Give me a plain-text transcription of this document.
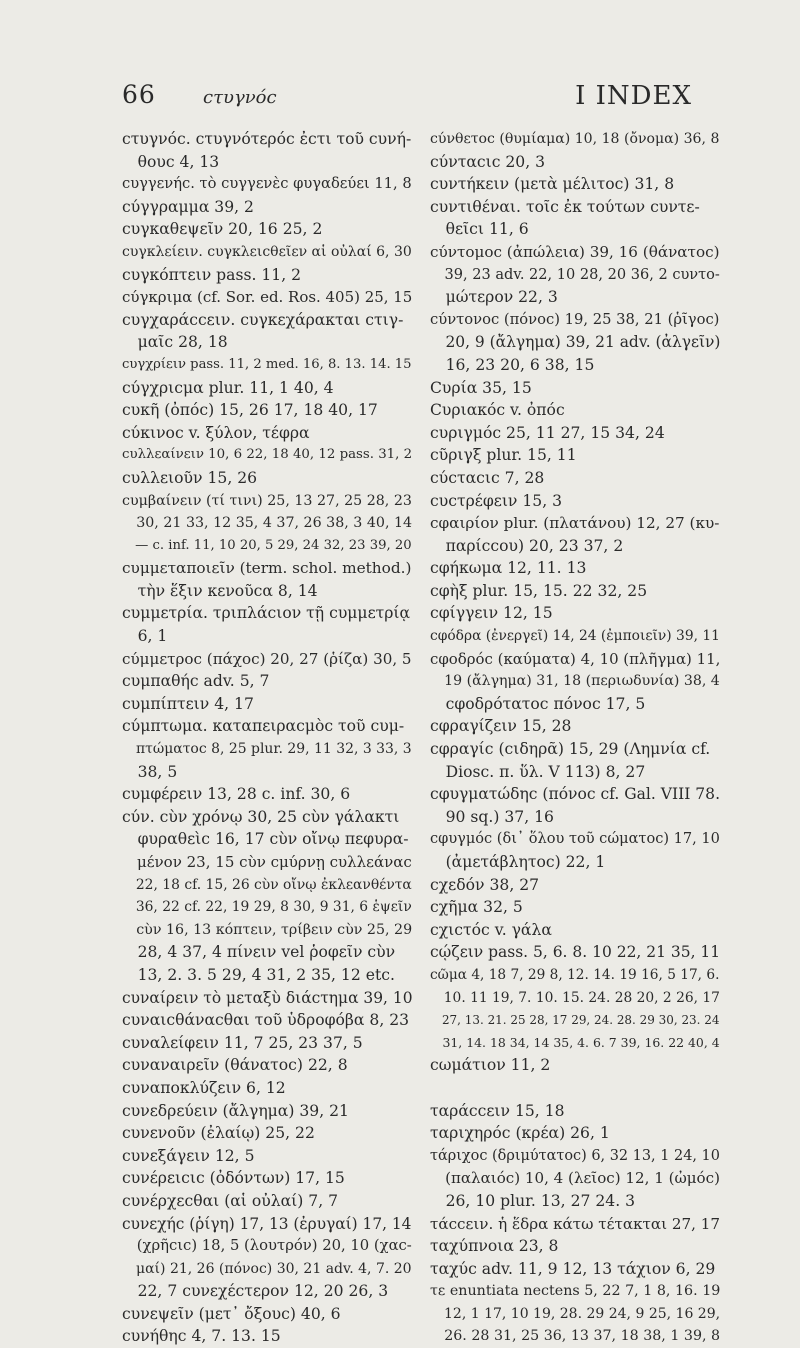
66	ϲτυγνόϲ	I INDEX
ϲτυγνόϲ. ϲτυγνότερόϲ ἐϲτι τοῦ ϲυνή-
 θουϲ 4, 13
ϲυγγενήϲ. τὸ ϲυγγενὲϲ φυγαδεύει 11, 8
ϲύγγραμμα 39, 2
ϲυγκαθεψεῖν 20, 16 25, 2
ϲυγκλείειν. ϲυγκλειϲθεῖεν αἱ οὐλαί 6, 30
ϲυγκόπτειν pass. 11, 2
ϲύγκριμα (cf. Sor. ed. Ros. 405) 25, 15
ϲυγχαράϲϲειν. ϲυγκεχάρακται ϲτιγ-
 μαῖϲ 28, 18
ϲυγχρίειν pass. 11, 2 med. 16, 8. 13. 14. 15
ϲύγχριϲμα plur. 11, 1 40, 4
ϲυκῆ (ὀπόϲ) 15, 26 17, 18 40, 17
ϲύκινοϲ v. ξύλον, τέφρα
ϲυλλεαίνειν 10, 6 22, 18 40, 12 pass. 31, 2
ϲυλλειοῦν 15, 26
ϲυμβαίνειν (τί τινι) 25, 13 27, 25 28, 23
 30, 21 33, 12 35, 4 37, 26 38, 3 40, 14
 — c. inf. 11, 10 20, 5 29, 24 32, 23 39, 20
ϲυμμεταποιεῖν (term. schol. method.)
 τὴν ἕξιν κενοῦϲα 8, 14
ϲυμμετρία. τριπλάϲιον τῇ ϲυμμετρίᾳ
 6, 1
ϲύμμετροϲ (πάχοϲ) 20, 27 (ῥίζα) 30, 5
ϲυμπαθήϲ adv. 5, 7
ϲυμπίπτειν 4, 17
ϲύμπτωμα. καταπειραϲμὸϲ τοῦ ϲυμ-
 πτώματοϲ 8, 25 plur. 29, 11 32, 3 33, 3
 38, 5
ϲυμφέρειν 13, 28 c. inf. 30, 6
ϲύν. ϲὺν χρόνῳ 30, 25 ϲὺν γάλακτι
 φυραθεὶϲ 16, 17 ϲὺν οἴνῳ πεφυρα-
 μένον 23, 15 ϲὺν ϲμύρνῃ ϲυλλεάναϲ
 22, 18 cf. 15, 26 ϲὺν οἴνῳ ἐκλεανθέντα
 36, 22 cf. 22, 19 29, 8 30, 9 31, 6 ἑψεῖν
 ϲὺν 16, 13 κόπτειν, τρίβειν ϲὺν 25, 29
 28, 4 37, 4 πίνειν vel ῥοφεῖν ϲὺν
 13, 2. 3. 5 29, 4 31, 2 35, 12 etc.
ϲυναίρειν τὸ μεταξὺ διάϲτημα 39, 10
ϲυναιϲθάναϲθαι τοῦ ὑδροφόβα 8, 23
ϲυναλείφειν 11, 7 25, 23 37, 5
ϲυναναιρεῖν (θάνατοϲ) 22, 8
ϲυναποκλύζειν 6, 12
ϲυνεδρεύειν (ἄλγημα) 39, 21
ϲυνενοῦν (ἐλαίῳ) 25, 22
ϲυνεξάγειν 12, 5
ϲυνέρειϲιϲ (ὀδόντων) 17, 15
ϲυνέρχεϲθαι (αἱ οὐλαί) 7, 7
ϲυνεχήϲ (ῥίγη) 17, 13 (ἐρυγαί) 17, 14
 (χρῆϲιϲ) 18, 5 (λουτρόν) 20, 10 (χαϲ-
 μαί) 21, 26 (πόνοϲ) 30, 21 adv. 4, 7. 20
 22, 7 ϲυνεχέϲτερον 12, 20 26, 3
ϲυνεψεῖν (μετ᾽ ὄξουϲ) 40, 6
ϲυνήθηϲ 4, 7. 13. 15
ϲύνθετοϲ (θυμίαμα) 10, 18 (ὄνομα) 36, 8
ϲύνταϲιϲ 20, 3
ϲυντήκειν (μετὰ μέλιτοϲ) 31, 8
ϲυντιθέναι. τοῖϲ ἐκ τούτων ϲυντε-
 θεῖϲι 11, 6
ϲύντομοϲ (ἀπώλεια) 39, 16 (θάνατοϲ)
 39, 23 adv. 22, 10 28, 20 36, 2 ϲυντο-
 μώτερον 22, 3
ϲύντονοϲ (πόνοϲ) 19, 25 38, 21 (ῥῖγοϲ)
 20, 9 (ἄλγημα) 39, 21 adv. (ἀλγεῖν)
 16, 23 20, 6 38, 15
Cυρία 35, 15
Cυριακόϲ v. ὀπόϲ
ϲυριγμόϲ 25, 11 27, 15 34, 24
ϲῦριγξ plur. 15, 11
ϲύϲταϲιϲ 7, 28
ϲυϲτρέφειν 15, 3
ϲφαιρίον plur. (πλατάνου) 12, 27 (κυ-
 παρίϲϲου) 20, 23 37, 2
ϲφήκωμα 12, 11. 13
ϲφὴξ plur. 15, 15. 22 32, 25
ϲφίγγειν 12, 15
ϲφόδρα (ἐνεργεῖ) 14, 24 (ἐμποιεῖν) 39, 11
ϲφοδρόϲ (καύματα) 4, 10 (πλῆγμα) 11,
 19 (ἄλγημα) 31, 18 (περιωδυνία) 38, 4
 ϲφοδρότατοϲ πόνοϲ 17, 5
ϲφραγίζειν 15, 28
ϲφραγίϲ (ϲιδηρᾶ) 15, 29 (Λημνία cf.
 Diosc. π. ὕλ. V 113) 8, 27
ϲφυγματώδηϲ (πόνοϲ cf. Gal. VIII 78.
 90 sq.) 37, 16
ϲφυγμόϲ (δι᾽ ὅλου τοῦ ϲώματοϲ) 17, 10
 (ἀμετάβλητοϲ) 22, 1
ϲχεδόν 38, 27
ϲχῆμα 32, 5
ϲχιϲτόϲ v. γάλα
ϲῴζειν pass. 5, 6. 8. 10 22, 21 35, 11
ϲῶμα 4, 18 7, 29 8, 12. 14. 19 16, 5 17, 6.
 10. 11 19, 7. 10. 15. 24. 28 20, 2 26, 17
 27, 13. 21. 25 28, 17 29, 24. 28. 29 30, 23. 24
 31, 14. 18 34, 14 35, 4. 6. 7 39, 16. 22 40, 4
ϲωμάτιον 11, 2
ταράϲϲειν 15, 18
ταριχηρόϲ (κρέα) 26, 1
τάριχοϲ (δριμύτατοϲ) 6, 32 13, 1 24, 10
 (παλαιόϲ) 10, 4 (λεῖοϲ) 12, 1 (ὠμόϲ)
 26, 10 plur. 13, 27 24. 3
τάϲϲειν. ἡ ἕδρα κάτω τέτακται 27, 17
ταχύπνοια 23, 8
ταχύϲ adv. 11, 9 12, 13 τάχιον 6, 29
τε enuntiata nectens 5, 22 7, 1 8, 16. 19
 12, 1 17, 10 19, 28. 29 24, 9 25, 16 29,
 26. 28 31, 25 36, 13 37, 18 38, 1 39, 8
